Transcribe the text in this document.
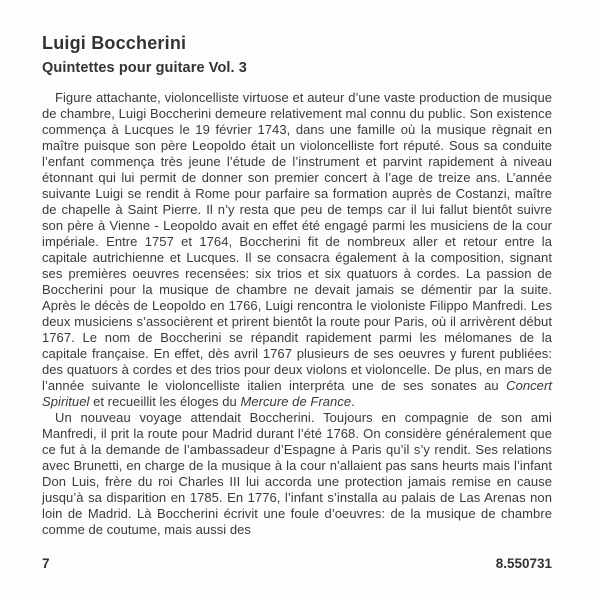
Luigi Boccherini
Quintettes pour guitare Vol. 3

Figure attachante, violoncelliste virtuose et auteur d’une vaste production de musique de chambre, Luigi Boccherini demeure relativement mal connu du public. Son existence commença à Lucques le 19 février 1743, dans une famille où la musique règnait en maître puisque son père Leopoldo était un violoncelliste fort réputé. Sous sa conduite l’enfant commença très jeune l’étude de l’instrument et parvint rapidement à niveau étonnant qui lui permit de donner son premier concert à l’age de treize ans. L’année suivante Luigi se rendit à Rome pour parfaire sa formation auprès de Costanzi, maître de chapelle à Saint Pierre. Il n’y resta que peu de temps car il lui fallut bientôt suivre son père à Vienne - Leopoldo avait en effet été engagé parmi les musiciens de la cour impériale. Entre 1757 et 1764, Boccherini fit de nombreux aller et retour entre la capitale autrichienne et Lucques. Il se consacra également à la composition, signant ses premières oeuvres recensées: six trios et six quatuors à cordes. La passion de Boccherini pour la musique de chambre ne devait jamais se démentir par la suite. Après le décès de Leopoldo en 1766, Luigi rencontra le violoniste Filippo Manfredi. Les deux musiciens s’associèrent et prirent bientôt la route pour Paris, où il arrivèrent début 1767. Le nom de Boccherini se répandit rapidement parmi les mélomanes de la capitale française. En effet, dès avril 1767 plusieurs de ses oeuvres y furent publiées: des quatuors à cordes et des trios pour deux violons et violoncelle. De plus, en mars de l’année suivante le violoncelliste italien interpréta une de ses sonates au Concert Spirituel et recueillit les éloges du Mercure de France.

Un nouveau voyage attendait Boccherini. Toujours en compagnie de son ami Manfredi, il prit la route pour Madrid durant l’été 1768. On considère généralement que ce fut à la demande de l’ambassadeur d’Espagne à Paris qu’il s’y rendit. Ses relations avec Brunetti, en charge de la musique à la cour n’allaient pas sans heurts mais l’infant Don Luis, frère du roi Charles III lui accorda une protection jamais remise en cause jusqu’à sa disparition en 1785. En 1776, l’infant s’installa au palais de Las Arenas non loin de Madrid. Là Boccherini écrivit une foule d’oeuvres: de la musique de chambre comme de coutume, mais aussi des

7	8.550731
